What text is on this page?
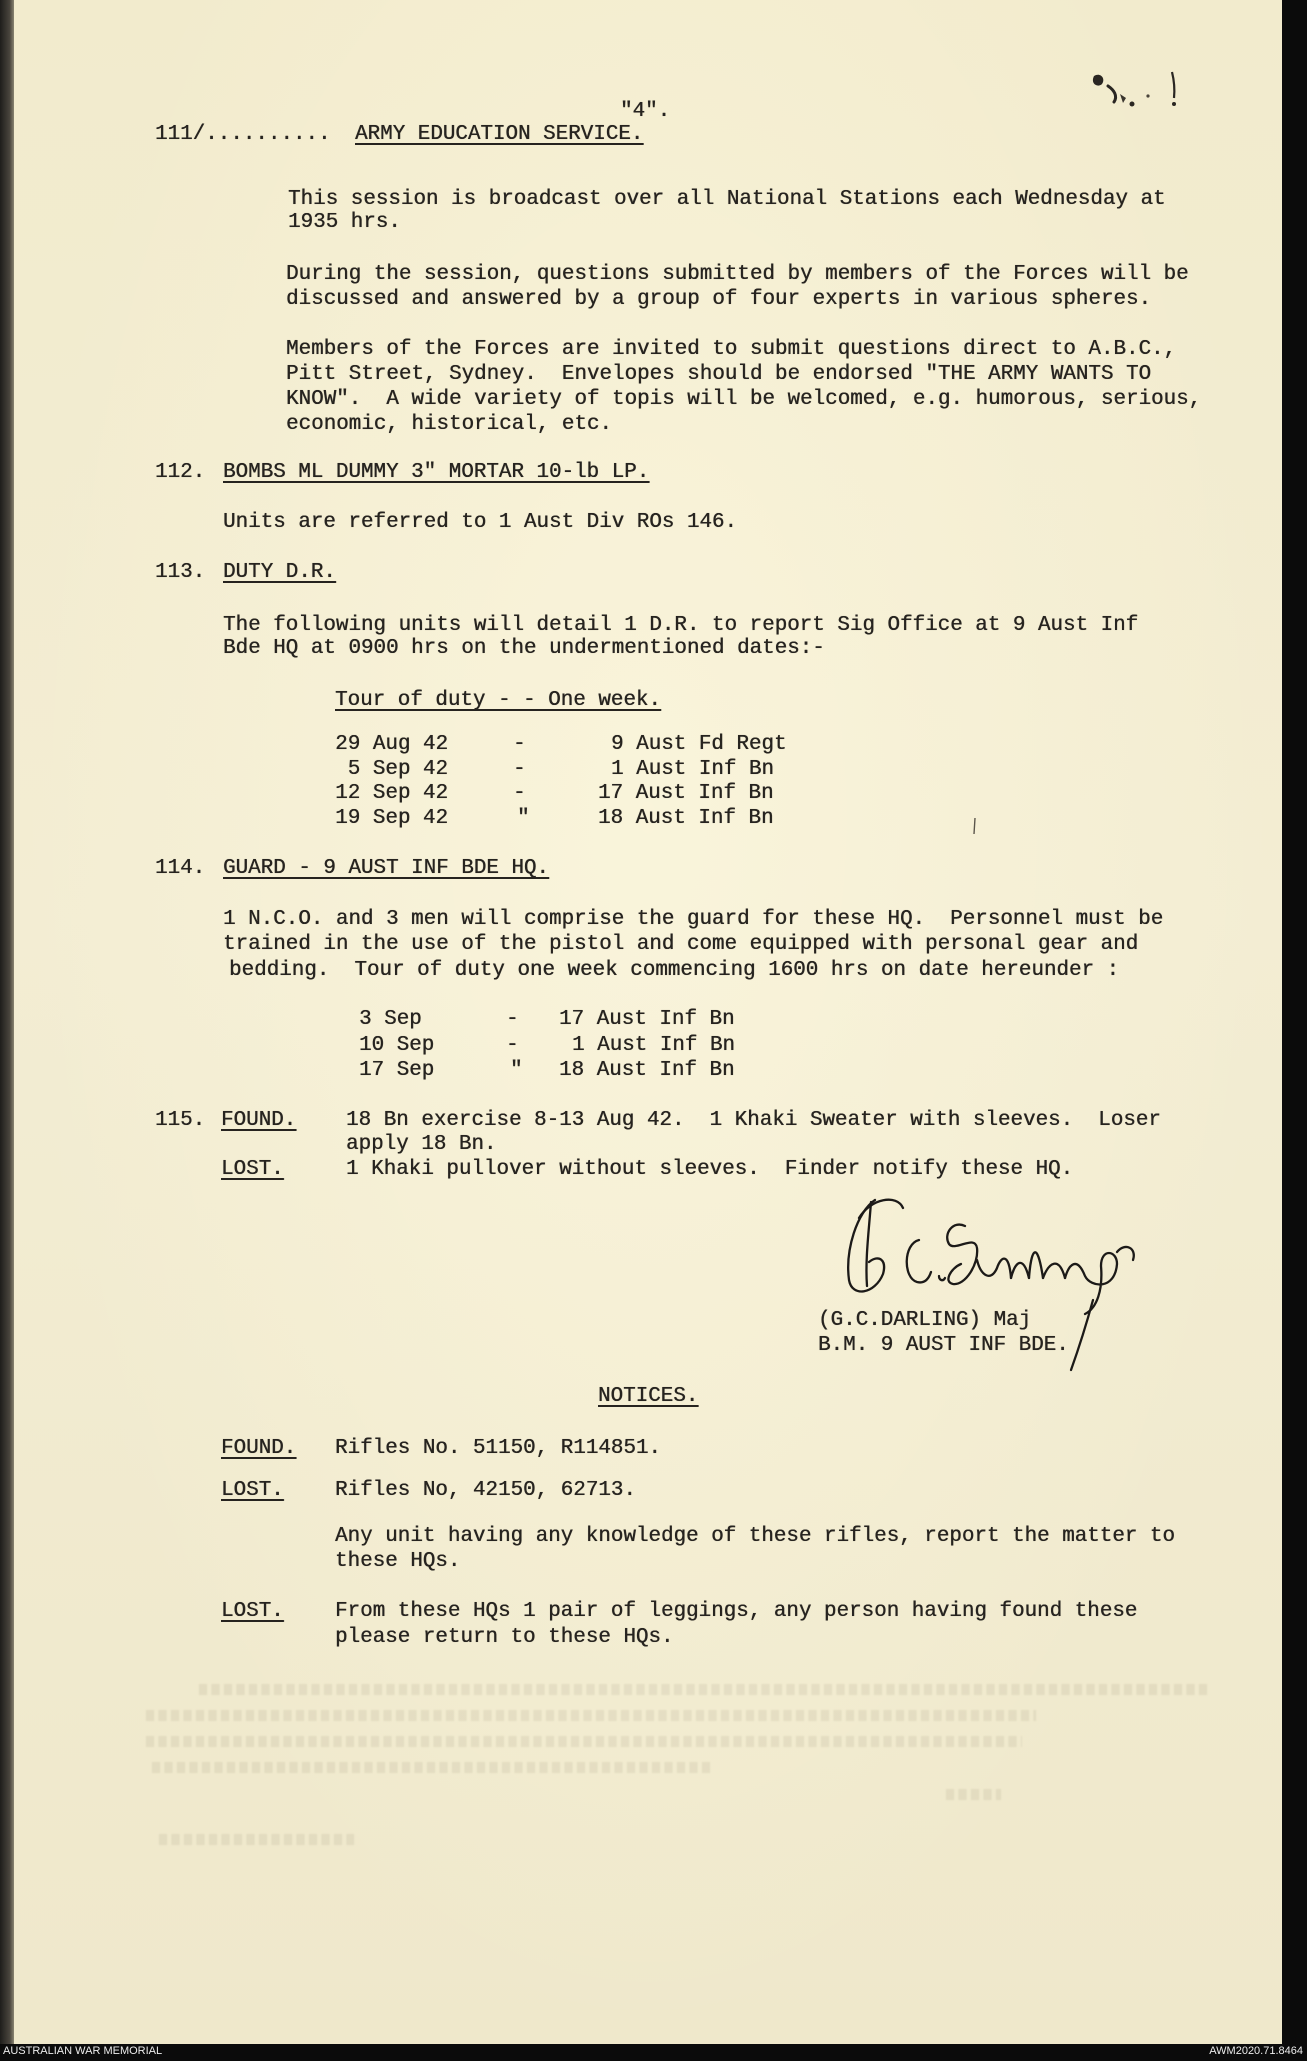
"4".
111/.......... ARMY EDUCATION SERVICE.
This session is broadcast over all National Stations each Wednesday at
1935 hrs.
During the session, questions submitted by members of the Forces will be
discussed and answered by a group of four experts in various spheres.
Members of the Forces are invited to submit questions direct to A.B.C.,
Pitt Street, Sydney.  Envelopes should be endorsed "THE ARMY WANTS TO
KNOW".  A wide variety of topis will be welcomed, e.g. humorous, serious,
economic, historical, etc.
112. BOMBS ML DUMMY 3" MORTAR 10-lb LP.
Units are referred to 1 Aust Div ROs 146.
113. DUTY D.R.
The following units will detail 1 D.R. to report Sig Office at 9 Aust Inf
Bde HQ at 0900 hrs on the undermentioned dates:-
Tour of duty - - One week.
29 Aug 42	-	9 Aust Fd Regt
5 Sep 42	-	1 Aust Inf Bn
12 Sep 42	-	17 Aust Inf Bn
19 Sep 42	"	18 Aust Inf Bn
114. GUARD - 9 AUST INF BDE HQ.
1 N.C.O. and 3 men will comprise the guard for these HQ.  Personnel must be
trained in the use of the pistol and come equipped with personal gear and
bedding.  Tour of duty one week commencing 1600 hrs on date hereunder :
3 Sep	- 17 Aust Inf Bn
10 Sep	-	1 Aust Inf Bn
17 Sep	" 18 Aust Inf Bn
115. FOUND. 18 Bn exercise 8-13 Aug 42.  1 Khaki Sweater with sleeves.  Loser
apply 18 Bn.
LOST.	1 Khaki pullover without sleeves.  Finder notify these HQ.
(G.C.DARLING) Maj
B.M. 9 AUST INF BDE.
NOTICES.
FOUND. Rifles No. 51150, R114851.
LOST. Rifles No, 42150, 62713.
Any unit having any knowledge of these rifles, report the matter to
these HQs.
LOST. From these HQs 1 pair of leggings, any person having found these
please return to these HQs.
AUSTRALIAN WAR MEMORIAL	AWM2020.71.8464
